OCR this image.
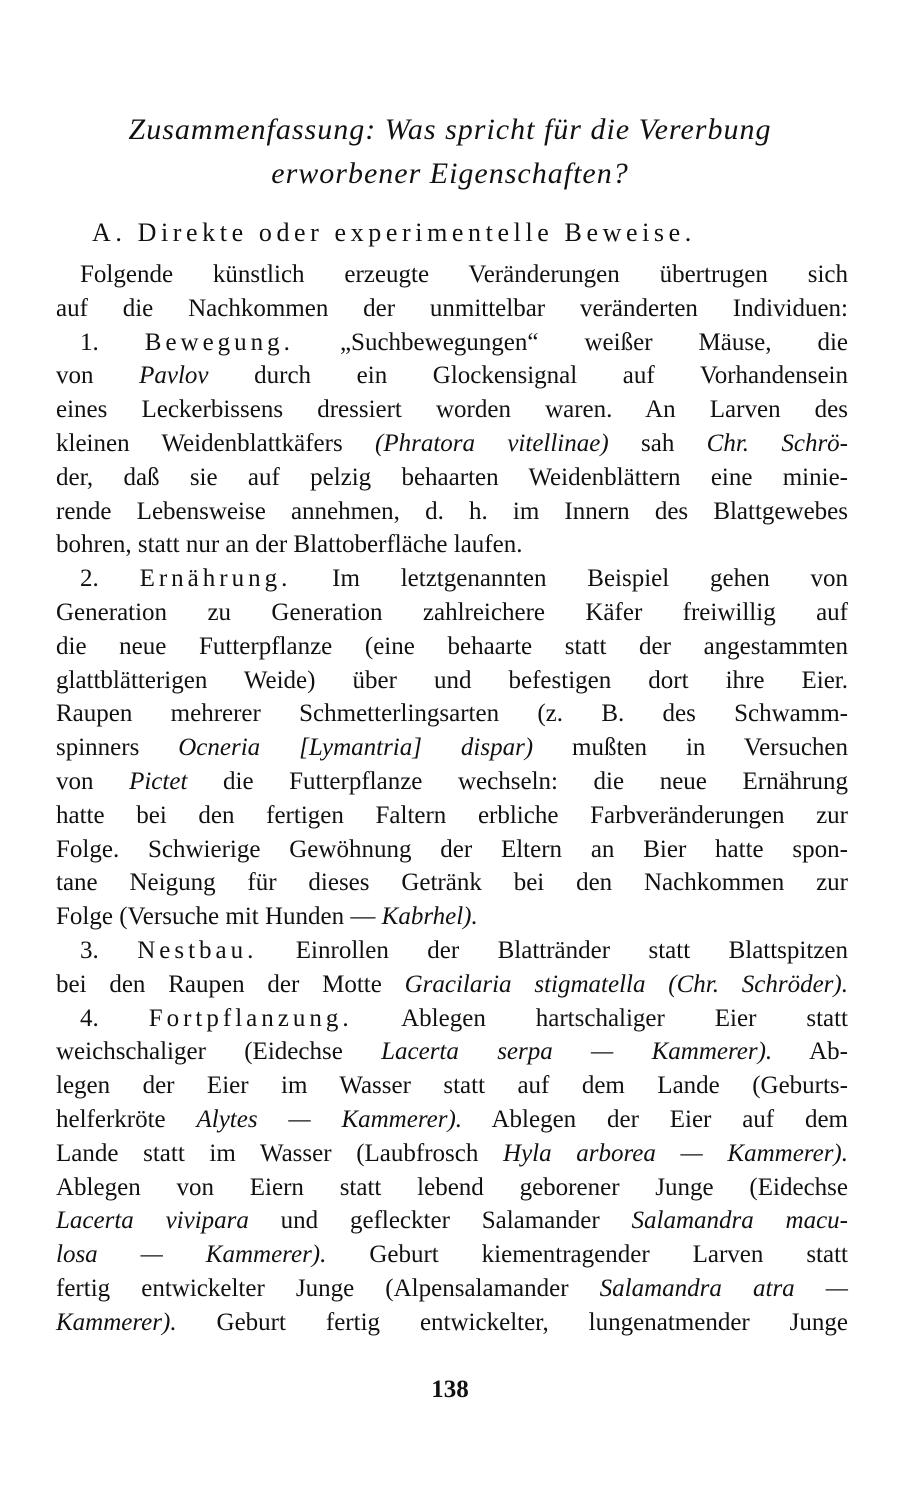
Zusammenfassung: Was spricht für die Vererbung
erworbener Eigenschaften?
A. Direkte oder experimentelle Beweise.
Folgende künstlich erzeugte Veränderungen übertrugen sich
auf die Nachkommen der unmittelbar veränderten Individuen:
1. Bewegung. „Suchbewegungen“ weißer Mäuse, die
von Pavlov durch ein Glockensignal auf Vorhandensein
eines Leckerbissens dressiert worden waren. An Larven des
kleinen Weidenblattkäfers (Phratora vitellinae) sah Chr. Schrö-
der, daß sie auf pelzig behaarten Weidenblättern eine minie-
rende Lebensweise annehmen, d. h. im Innern des Blattgewebes
bohren, statt nur an der Blattoberfläche laufen.
2. Ernährung. Im letztgenannten Beispiel gehen von
Generation zu Generation zahlreichere Käfer freiwillig auf
die neue Futterpflanze (eine behaarte statt der angestammten
glattblätterigen Weide) über und befestigen dort ihre Eier.
Raupen mehrerer Schmetterlingsarten (z. B. des Schwamm-
spinners Ocneria [Lymantria] dispar) mußten in Versuchen
von Pictet die Futterpflanze wechseln: die neue Ernährung
hatte bei den fertigen Faltern erbliche Farbveränderungen zur
Folge. Schwierige Gewöhnung der Eltern an Bier hatte spon-
tane Neigung für dieses Getränk bei den Nachkommen zur
Folge (Versuche mit Hunden — Kabrhel).
3. Nestbau. Einrollen der Blattränder statt Blattspitzen
bei den Raupen der Motte Gracilaria stigmatella (Chr. Schröder).
4. Fortpflanzung. Ablegen hartschaliger Eier statt
weichschaliger (Eidechse Lacerta serpa — Kammerer). Ab-
legen der Eier im Wasser statt auf dem Lande (Geburts-
helferkröte Alytes — Kammerer). Ablegen der Eier auf dem
Lande statt im Wasser (Laubfrosch Hyla arborea — Kammerer).
Ablegen von Eiern statt lebend geborener Junge (Eidechse
Lacerta vivipara und gefleckter Salamander Salamandra macu-
losa — Kammerer). Geburt kiementragender Larven statt
fertig entwickelter Junge (Alpensalamander Salamandra atra —
Kammerer). Geburt fertig entwickelter, lungenatmender Junge
138
